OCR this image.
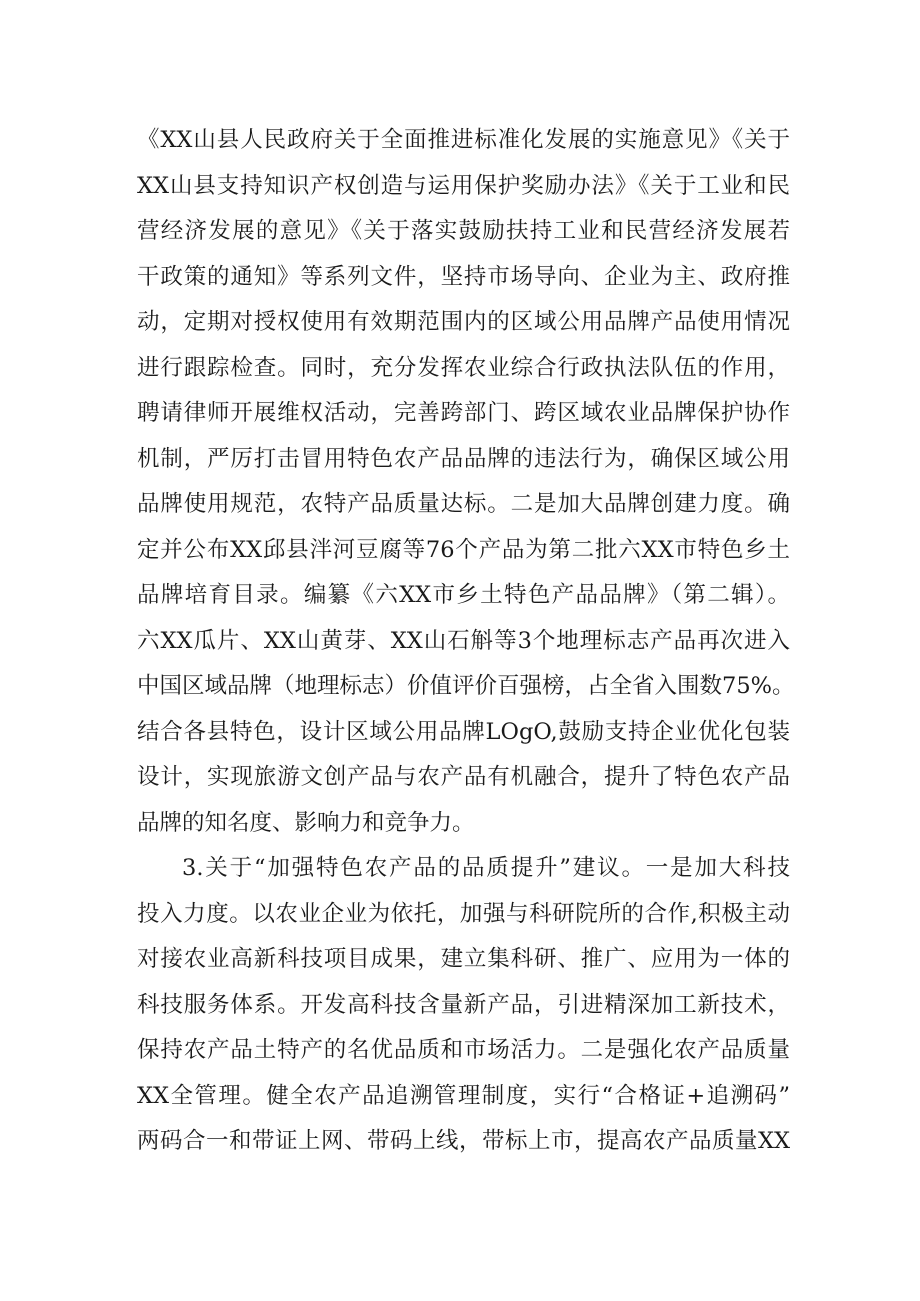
《XX山县人民政府关于全面推进标准化发展的实施意见》《关于
XX山县支持知识产权创造与运用保护奖励办法》《关于工业和民
营经济发展的意见》《关于落实鼓励扶持工业和民营经济发展若
干政策的通知》等系列文件，坚持市场导向、企业为主、政府推
动，定期对授权使用有效期范围内的区域公用品牌产品使用情况
进行跟踪检查。同时，充分发挥农业综合行政执法队伍的作用，
聘请律师开展维权活动，完善跨部门、跨区域农业品牌保护协作
机制，严厉打击冒用特色农产品品牌的违法行为，确保区域公用
品牌使用规范，农特产品质量达标。二是加大品牌创建力度。确
定并公布XX邱县泮河豆腐等76个产品为第二批六XX市特色乡土
品牌培育目录。编纂《六XX市乡土特色产品品牌》（第二辑）。
六XX瓜片、XX山黄芽、XX山石斛等3个地理标志产品再次进入
中国区域品牌（地理标志）价值评价百强榜，占全省入围数75%。
结合各县特色，设计区域公用品牌LOgO,鼓励支持企业优化包装
设计，实现旅游文创产品与农产品有机融合，提升了特色农产品
品牌的知名度、影响力和竞争力。
3.关于“加强特色农产品的品质提升”建议。一是加大科技
投入力度。以农业企业为依托，加强与科研院所的合作,积极主动
对接农业高新科技项目成果，建立集科研、推广、应用为一体的
科技服务体系。开发高科技含量新产品，引进精深加工新技术，
保持农产品土特产的名优品质和市场活力。二是强化农产品质量
XX全管理。健全农产品追溯管理制度，实行“合格证+追溯码”
两码合一和带证上网、带码上线，带标上市，提高农产品质量XX
